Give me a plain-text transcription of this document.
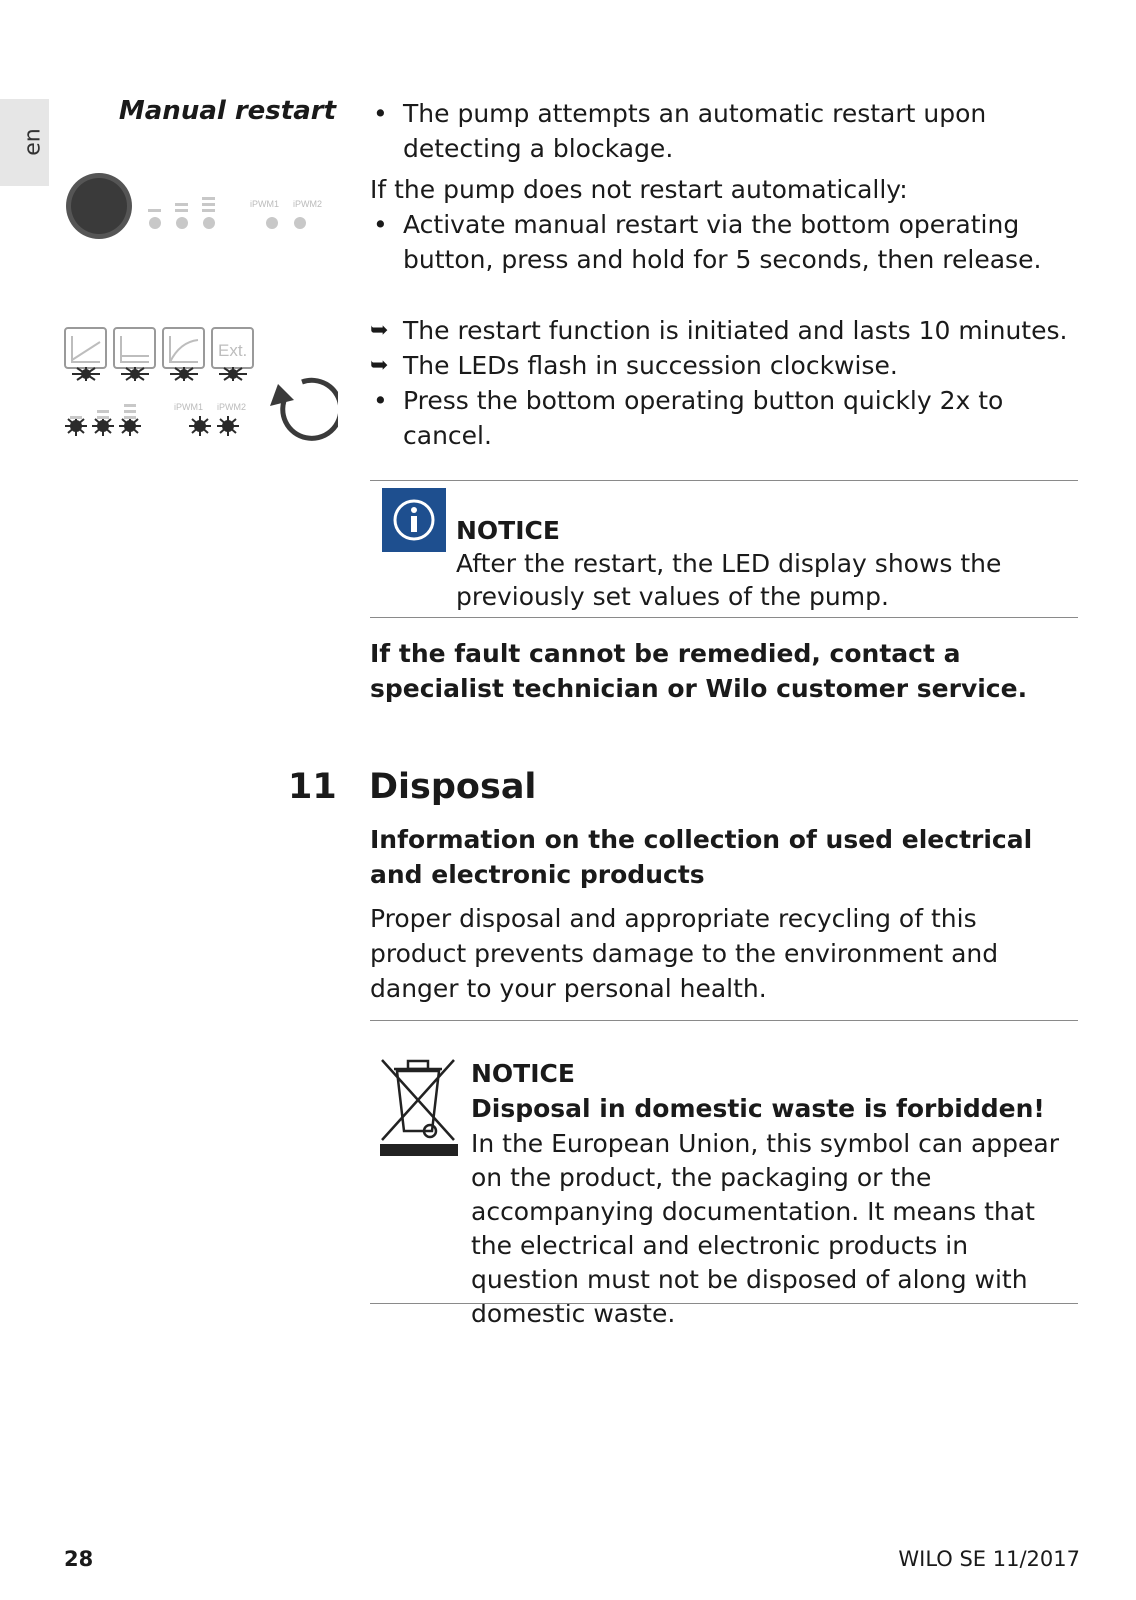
en
Manual restart
iPWM1 iPWM2
Ext.
iPWM1 iPWM2

• The pump attempts an automatic restart upon detecting a blockage.

If the pump does not restart automatically:

• Activate manual restart via the bottom operating button, press and hold for 5 seconds, then release.

➥ The restart function is initiated and lasts 10 minutes.

➥ The LEDs flash in succession clockwise.

• Press the bottom operating button quickly 2x to cancel.

NOTICE
After the restart, the LED display shows the previously set values of the pump.
If the fault cannot be remedied, contact a specialist technician or Wilo customer service.
11 Disposal
Information on the collection of used electrical and electronic products
Proper disposal and appropriate recycling of this product prevents damage to the environment and danger to your personal health.
NOTICE
Disposal in domestic waste is forbidden!
In the European Union, this symbol can appear on the product, the packaging or the accompanying documentation. It means that the electrical and electronic products in question must not be disposed of along with domestic waste.
28	WILO SE 11/2017
